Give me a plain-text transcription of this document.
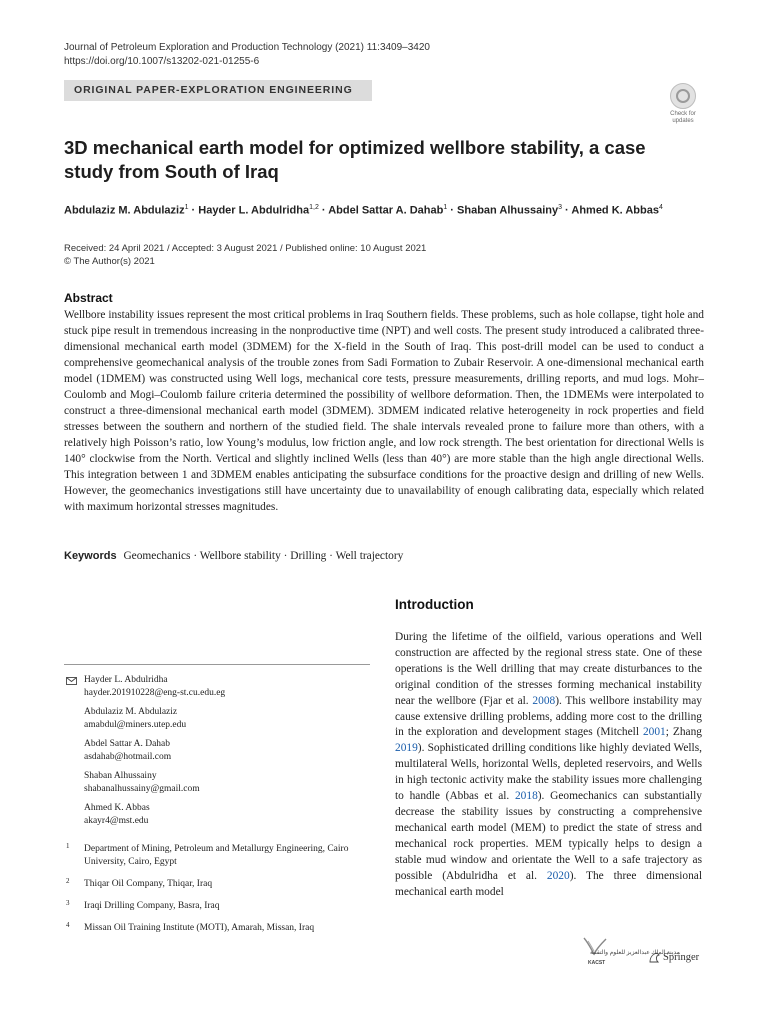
Journal of Petroleum Exploration and Production Technology (2021) 11:3409–3420
https://doi.org/10.1007/s13202-021-01255-6
ORIGINAL PAPER-EXPLORATION ENGINEERING
Check for
updates
3D mechanical earth model for optimized wellbore stability, a case
study from South of Iraq
Abdulaziz M. Abdulaziz$^1$ · Hayder L. Abdulridha$^{1,2}$ · Abdel Sattar A. Dahab$^1$ · Shaban Alhussainy$^3$ · Ahmed K. Abbas$^4$
Received: 24 April 2021 / Accepted: 3 August 2021 / Published online: 10 August 2021
© The Author(s) 2021
Abstract
Wellbore instability issues represent the most critical problems in Iraq Southern fields. These problems, such as hole collapse, tight hole and stuck pipe result in tremendous increasing in the nonproductive time (NPT) and well costs. The present study introduced a calibrated three-dimensional mechanical earth model (3DMEM) for the X-field in the South of Iraq. This post-drill model can be used to conduct a comprehensive geomechanical analysis of the trouble zones from Sadi Formation to Zubair Reservoir. A one-dimensional mechanical earth model (1DMEM) was constructed using Well logs, mechanical core tests, pressure measurements, drilling reports, and mud logs. Mohr–Coulomb and Mogi–Coulomb failure criteria determined the possibility of wellbore deformation. Then, the 1DMEMs were interpolated to construct a three-dimensional mechanical earth model (3DMEM). 3DMEM indicated relative heterogeneity in rock properties and field stresses between the southern and northern of the studied field. The shale intervals revealed prone to failure more than others, with a relatively high Poisson’s ratio, low Young’s modulus, low friction angle, and low rock strength. The best orientation for directional Wells is 140° clockwise from the North. Vertical and slightly inclined Wells (less than 40°) are more stable than the high angle directional Wells. This integration between 1 and 3DMEM enables anticipating the subsurface conditions for the proactive design and drilling of new Wells. However, the geomechanics investigations still have uncertainty due to unavailability of enough calibrating data, especially which related with maximum horizontal stresses magnitudes.
Keywords Geomechanics · Wellbore stability · Drilling · Well trajectory
Introduction
During the lifetime of the oilfield, various operations and Well construction are affected by the regional stress state. One of these operations is the Well drilling that may create disturbances to the original condition of the stresses forming mechanical instability near the wellbore (Fjar et al. 2008). This wellbore instability may cause extensive drilling problems, adding more cost to the drilling in the exploration and development stages (Mitchell 2001; Zhang 2019). Sophisticated drilling conditions like highly deviated Wells, multilateral Wells, horizontal Wells, depleted reservoirs, and Wells in high tectonic activity make the stability issues more challenging to handle (Abbas et al. 2018). Geomechanics can substantially decrease the stability issues by constructing a comprehensive mechanical earth model (MEM) to predict the state of stress and mechanical rock properties. MEM typically helps to design a stable mud window and orientate the Well to a safe trajectory as possible (Abdulridha et al. 2020). The three dimensional mechanical earth model
Hayder L. Abdulridha
hayder.201910228@eng-st.cu.edu.eg
Abdulaziz M. Abdulaziz
amabdul@miners.utep.edu
Abdel Sattar A. Dahab
asdahab@hotmail.com
Shaban Alhussainy
shabanalhussainy@gmail.com
Ahmed K. Abbas
akayr4@mst.edu
1 Department of Mining, Petroleum and Metallurgy Engineering, Cairo University, Cairo, Egypt
2 Thiqar Oil Company, Thiqar, Iraq
3 Iraqi Drilling Company, Basra, Iraq
4 Missan Oil Training Institute (MOTI), Amarah, Missan, Iraq
مدينة الملك عبدالعزيز للعلوم والتقنية
KACST	Springer
